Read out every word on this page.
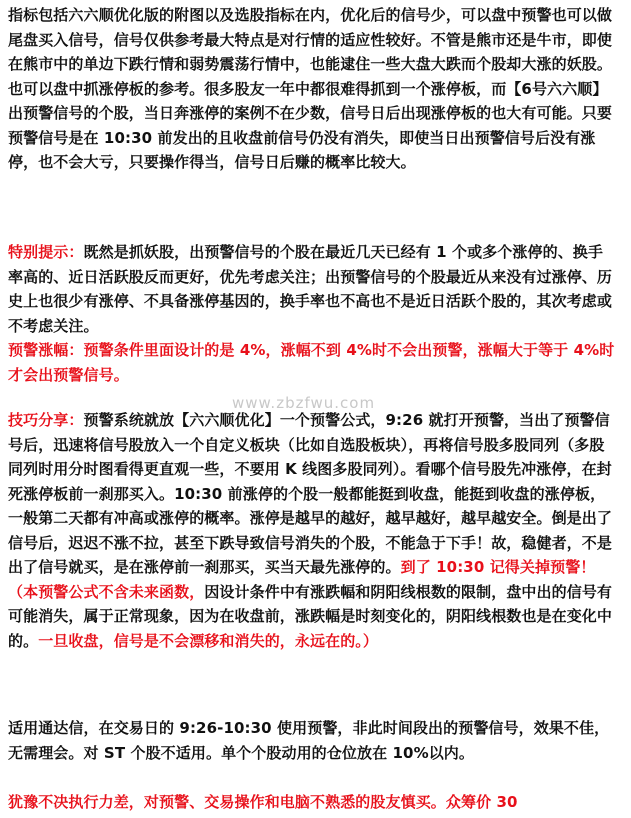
指标包括六六顺优化版的附图以及选股指标在内，优化后的信号少，可以盘中预警也可以做尾盘买入信号，信号仅供参考最大特点是对行情的适应性较好。不管是熊市还是牛市，即使在熊市中的单边下跌行情和弱势震荡行情中，也能逮住一些大盘大跌而个股却大涨的妖股。也可以盘中抓涨停板的参考。很多股友一年中都很难得抓到一个涨停板，而【6号六六顺】出预警信号的个股，当日奔涨停的案例不在少数，信号日后出现涨停板的也大有可能。只要预警信号是在 10:30 前发出的且收盘前信号仍没有消失，即使当日出预警信号后没有涨停，也不会大亏，只要操作得当，信号日后赚的概率比较大。

特别提示：既然是抓妖股，出预警信号的个股在最近几天已经有 1 个或多个涨停的、换手率高的、近日活跃股反而更好，优先考虑关注；出预警信号的个股最近从来没有过涨停、历史上也很少有涨停、不具备涨停基因的，换手率也不高也不是近日活跃个股的，其次考虑或不考虑关注。

预警涨幅：预警条件里面设计的是 4%，涨幅不到 4%时不会出预警，涨幅大于等于 4%时才会出预警信号。

www.zbzfwu.com

技巧分享：预警系统就放【六六顺优化】一个预警公式，9:26 就打开预警，当出了预警信号后，迅速将信号股放入一个自定义板块（比如自选股板块），再将信号股多股同列（多股同列时用分时图看得更直观一些，不要用 K 线图多股同列）。看哪个信号股先冲涨停，在封死涨停板前一刹那买入。10:30 前涨停的个股一般都能挺到收盘，能挺到收盘的涨停板，一般第二天都有冲高或涨停的概率。涨停是越早的越好，越早越好，越早越安全。倒是出了信号后，迟迟不涨不拉，甚至下跌导致信号消失的个股，不能急于下手！故，稳健者，不是出了信号就买，是在涨停前一刹那买，买当天最先涨停的。到了 10:30 记得关掉预警！（本预警公式不含未来函数，因设计条件中有涨跌幅和阴阳线根数的限制，盘中出的信号有可能消失，属于正常现象，因为在收盘前，涨跌幅是时刻变化的，阴阳线根数也是在变化中的。一旦收盘，信号是不会漂移和消失的，永远在的。）

适用通达信，在交易日的 9:26-10:30 使用预警，非此时间段出的预警信号，效果不佳，无需理会。对 ST 个股不适用。单个个股动用的仓位放在 10%以内。

犹豫不决执行力差，对预警、交易操作和电脑不熟悉的股友慎买。众筹价 30
